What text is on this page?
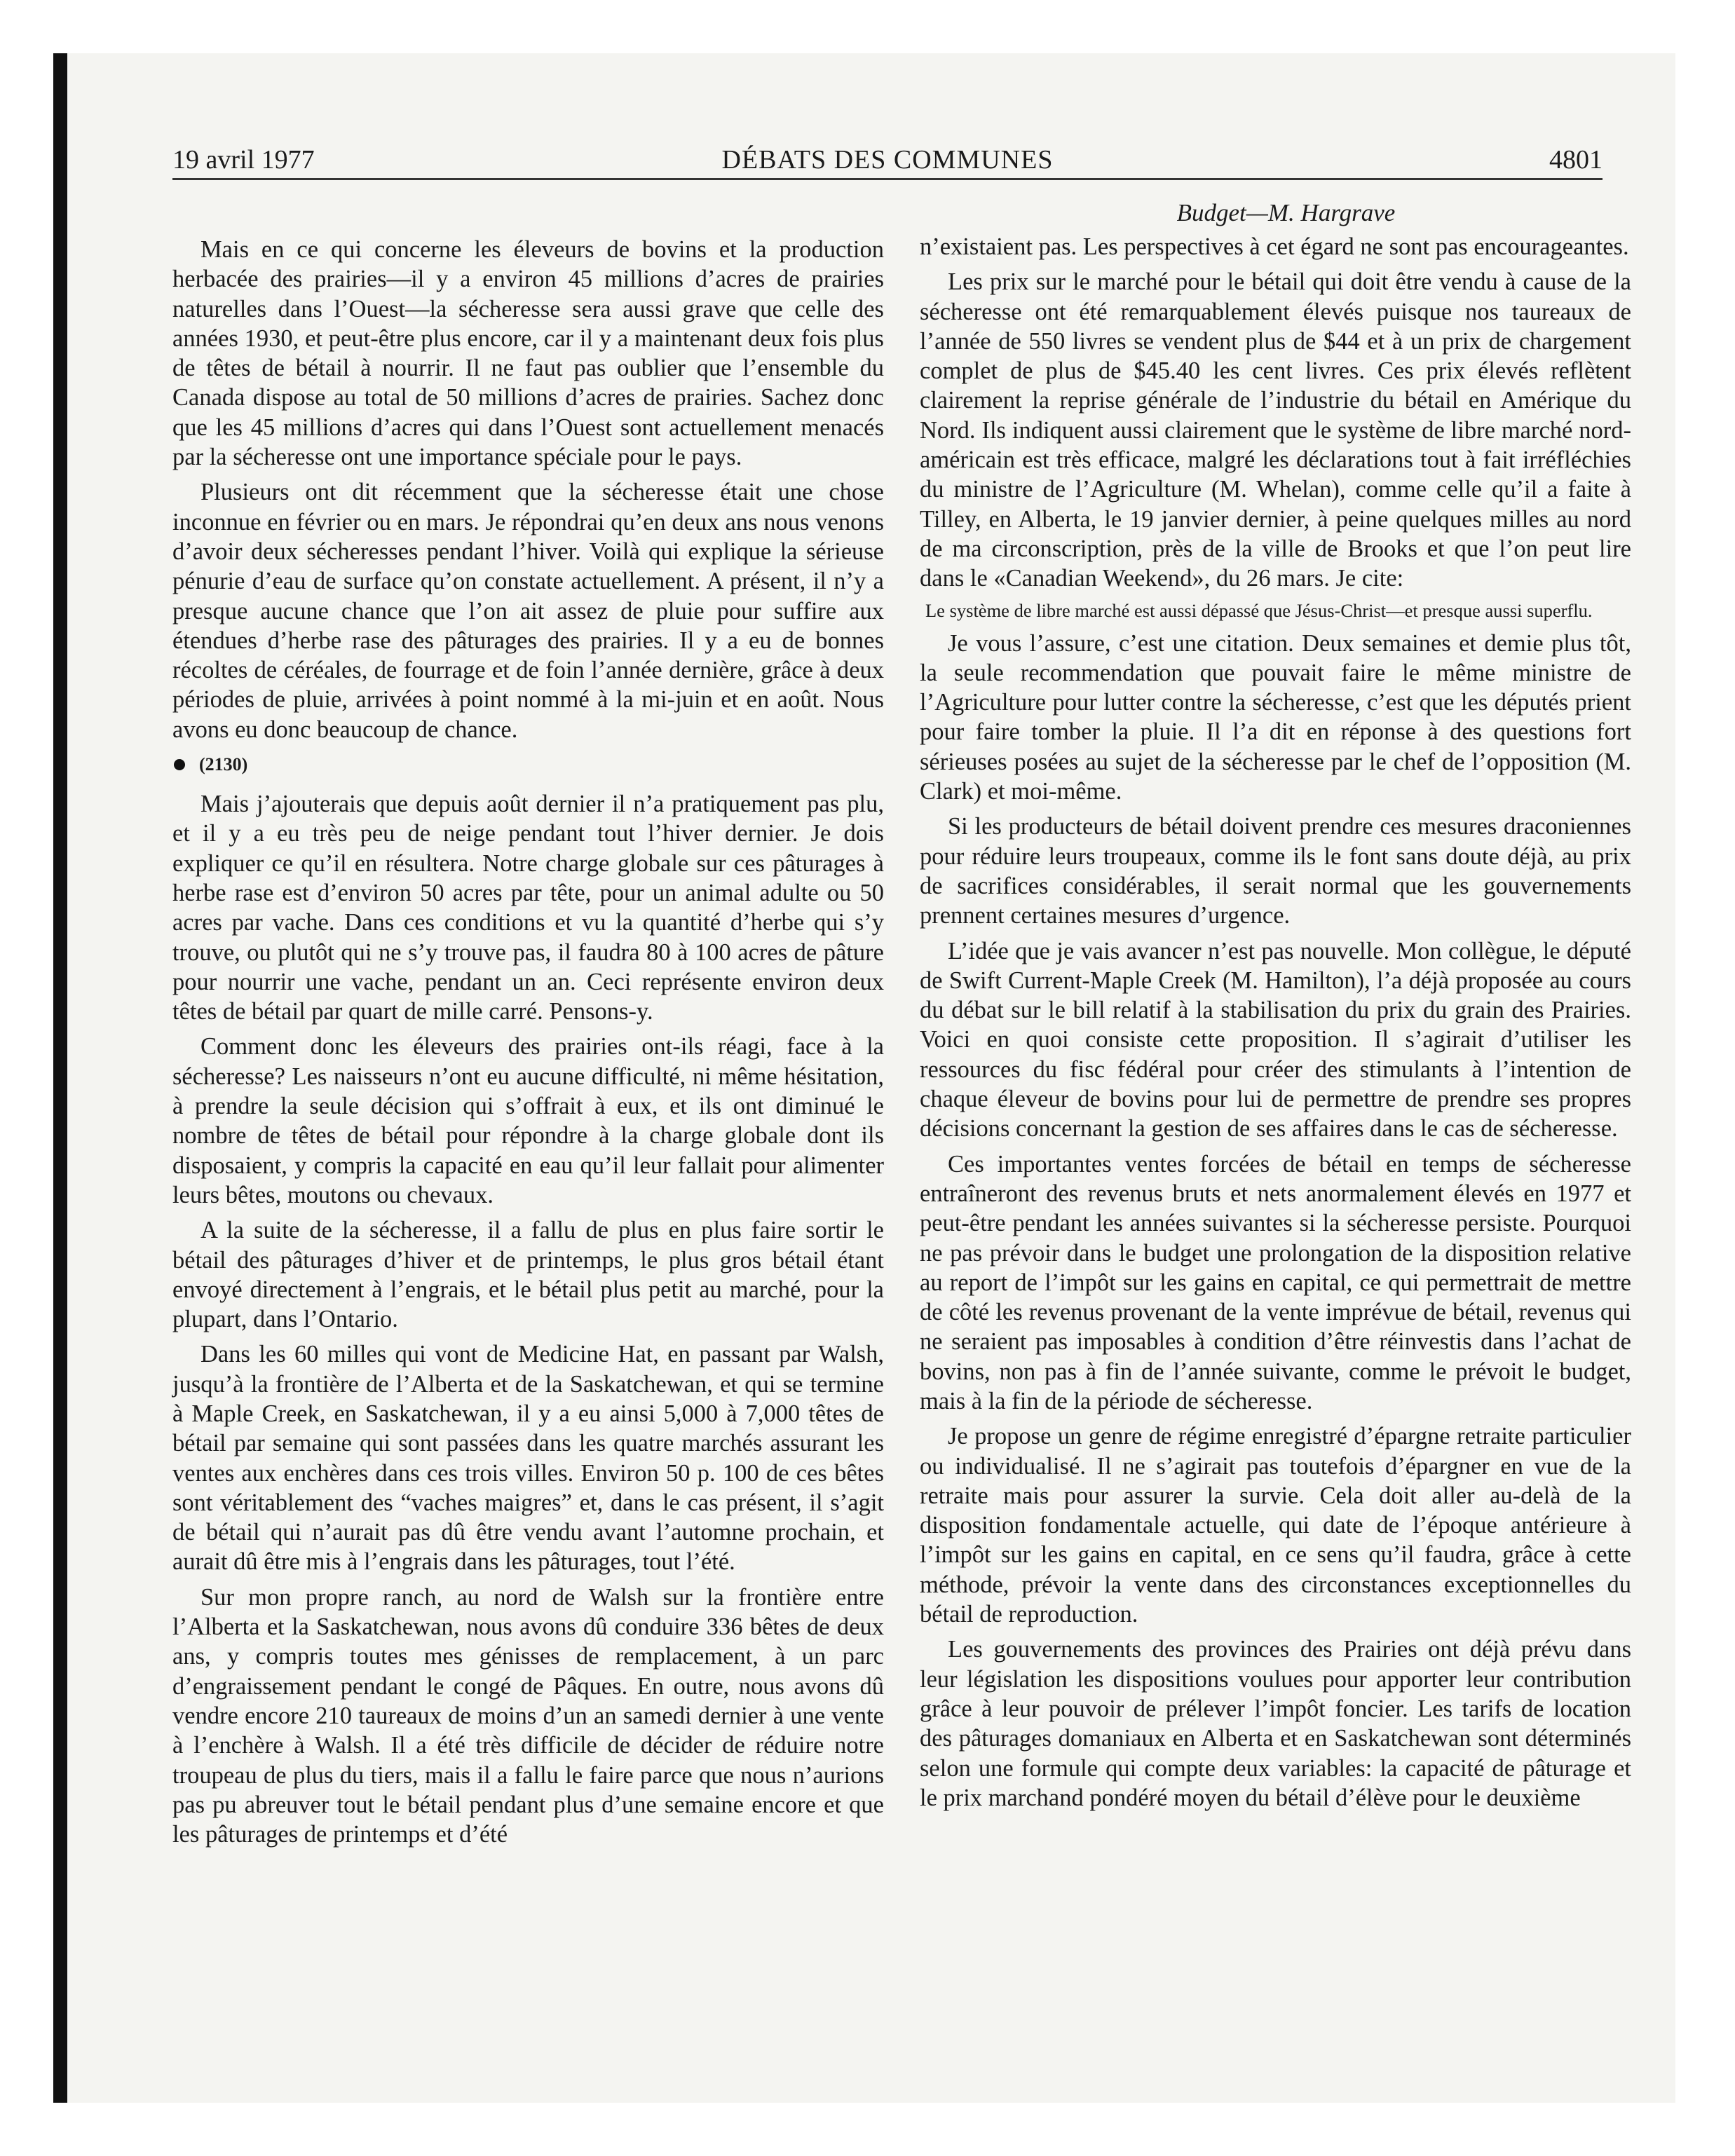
19 avril 1977	DÉBATS DES COMMUNES	4801

Mais en ce qui concerne les éleveurs de bovins et la production herbacée des prairies—il y a environ 45 millions d’acres de prairies naturelles dans l’Ouest—la sécheresse sera aussi grave que celle des années 1930, et peut-être plus encore, car il y a maintenant deux fois plus de têtes de bétail à nourrir. Il ne faut pas oublier que l’ensemble du Canada dispose au total de 50 millions d’acres de prairies. Sachez donc que les 45 millions d’acres qui dans l’Ouest sont actuellement menacés par la sécheresse ont une importance spéciale pour le pays.

Plusieurs ont dit récemment que la sécheresse était une chose inconnue en février ou en mars. Je répondrai qu’en deux ans nous venons d’avoir deux sécheresses pendant l’hiver. Voilà qui explique la sérieuse pénurie d’eau de surface qu’on constate actuellement. A présent, il n’y a presque aucune chance que l’on ait assez de pluie pour suffire aux étendues d’herbe rase des pâturages des prairies. Il y a eu de bonnes récoltes de céréales, de fourrage et de foin l’année dernière, grâce à deux périodes de pluie, arrivées à point nommé à la mi-juin et en août. Nous avons eu donc beaucoup de chance.

(2130)

Mais j’ajouterais que depuis août dernier il n’a pratiquement pas plu, et il y a eu très peu de neige pendant tout l’hiver dernier. Je dois expliquer ce qu’il en résultera. Notre charge globale sur ces pâturages à herbe rase est d’environ 50 acres par tête, pour un animal adulte ou 50 acres par vache. Dans ces conditions et vu la quantité d’herbe qui s’y trouve, ou plutôt qui ne s’y trouve pas, il faudra 80 à 100 acres de pâture pour nourrir une vache, pendant un an. Ceci représente environ deux têtes de bétail par quart de mille carré. Pensons-y.

Comment donc les éleveurs des prairies ont-ils réagi, face à la sécheresse? Les naisseurs n’ont eu aucune difficulté, ni même hésitation, à prendre la seule décision qui s’offrait à eux, et ils ont diminué le nombre de têtes de bétail pour répondre à la charge globale dont ils disposaient, y compris la capacité en eau qu’il leur fallait pour alimenter leurs bêtes, moutons ou chevaux.

A la suite de la sécheresse, il a fallu de plus en plus faire sortir le bétail des pâturages d’hiver et de printemps, le plus gros bétail étant envoyé directement à l’engrais, et le bétail plus petit au marché, pour la plupart, dans l’Ontario.

Dans les 60 milles qui vont de Medicine Hat, en passant par Walsh, jusqu’à la frontière de l’Alberta et de la Saskatchewan, et qui se termine à Maple Creek, en Saskatchewan, il y a eu ainsi 5,000 à 7,000 têtes de bétail par semaine qui sont passées dans les quatre marchés assurant les ventes aux enchères dans ces trois villes. Environ 50 p. 100 de ces bêtes sont véritablement des “vaches maigres” et, dans le cas présent, il s’agit de bétail qui n’aurait pas dû être vendu avant l’automne prochain, et aurait dû être mis à l’engrais dans les pâturages, tout l’été.

Sur mon propre ranch, au nord de Walsh sur la frontière entre l’Alberta et la Saskatchewan, nous avons dû conduire 336 bêtes de deux ans, y compris toutes mes génisses de remplacement, à un parc d’engraissement pendant le congé de Pâques. En outre, nous avons dû vendre encore 210 taureaux de moins d’un an samedi dernier à une vente à l’enchère à Walsh. Il a été très difficile de décider de réduire notre troupeau de plus du tiers, mais il a fallu le faire parce que nous n’aurions pas pu abreuver tout le bétail pendant plus d’une semaine encore et que les pâturages de printemps et d’été

Budget—M. Hargrave

n’existaient pas. Les perspectives à cet égard ne sont pas encourageantes.

Les prix sur le marché pour le bétail qui doit être vendu à cause de la sécheresse ont été remarquablement élevés puisque nos taureaux de l’année de 550 livres se vendent plus de $44 et à un prix de chargement complet de plus de $45.40 les cent livres. Ces prix élevés reflètent clairement la reprise générale de l’industrie du bétail en Amérique du Nord. Ils indiquent aussi clairement que le système de libre marché nord-américain est très efficace, malgré les déclarations tout à fait irréfléchies du ministre de l’Agriculture (M. Whelan), comme celle qu’il a faite à Tilley, en Alberta, le 19 janvier dernier, à peine quelques milles au nord de ma circonscription, près de la ville de Brooks et que l’on peut lire dans le «Canadian Weekend», du 26 mars. Je cite:

Le système de libre marché est aussi dépassé que Jésus-Christ—et presque aussi superflu.

Je vous l’assure, c’est une citation. Deux semaines et demie plus tôt, la seule recommendation que pouvait faire le même ministre de l’Agriculture pour lutter contre la sécheresse, c’est que les députés prient pour faire tomber la pluie. Il l’a dit en réponse à des questions fort sérieuses posées au sujet de la sécheresse par le chef de l’opposition (M. Clark) et moi-même.

Si les producteurs de bétail doivent prendre ces mesures draconiennes pour réduire leurs troupeaux, comme ils le font sans doute déjà, au prix de sacrifices considérables, il serait normal que les gouvernements prennent certaines mesures d’urgence.

L’idée que je vais avancer n’est pas nouvelle. Mon collègue, le député de Swift Current-Maple Creek (M. Hamilton), l’a déjà proposée au cours du débat sur le bill relatif à la stabilisation du prix du grain des Prairies. Voici en quoi consiste cette proposition. Il s’agirait d’utiliser les ressources du fisc fédéral pour créer des stimulants à l’intention de chaque éleveur de bovins pour lui de permettre de prendre ses propres décisions concernant la gestion de ses affaires dans le cas de sécheresse.

Ces importantes ventes forcées de bétail en temps de sécheresse entraîneront des revenus bruts et nets anormalement élevés en 1977 et peut-être pendant les années suivantes si la sécheresse persiste. Pourquoi ne pas prévoir dans le budget une prolongation de la disposition relative au report de l’impôt sur les gains en capital, ce qui permettrait de mettre de côté les revenus provenant de la vente imprévue de bétail, revenus qui ne seraient pas imposables à condition d’être réinvestis dans l’achat de bovins, non pas à fin de l’année suivante, comme le prévoit le budget, mais à la fin de la période de sécheresse.

Je propose un genre de régime enregistré d’épargne retraite particulier ou individualisé. Il ne s’agirait pas toutefois d’épargner en vue de la retraite mais pour assurer la survie. Cela doit aller au-delà de la disposition fondamentale actuelle, qui date de l’époque antérieure à l’impôt sur les gains en capital, en ce sens qu’il faudra, grâce à cette méthode, prévoir la vente dans des circonstances exceptionnelles du bétail de reproduction.

Les gouvernements des provinces des Prairies ont déjà prévu dans leur législation les dispositions voulues pour apporter leur contribution grâce à leur pouvoir de prélever l’impôt foncier. Les tarifs de location des pâturages domaniaux en Alberta et en Saskatchewan sont déterminés selon une formule qui compte deux variables: la capacité de pâturage et le prix marchand pondéré moyen du bétail d’élève pour le deuxième
